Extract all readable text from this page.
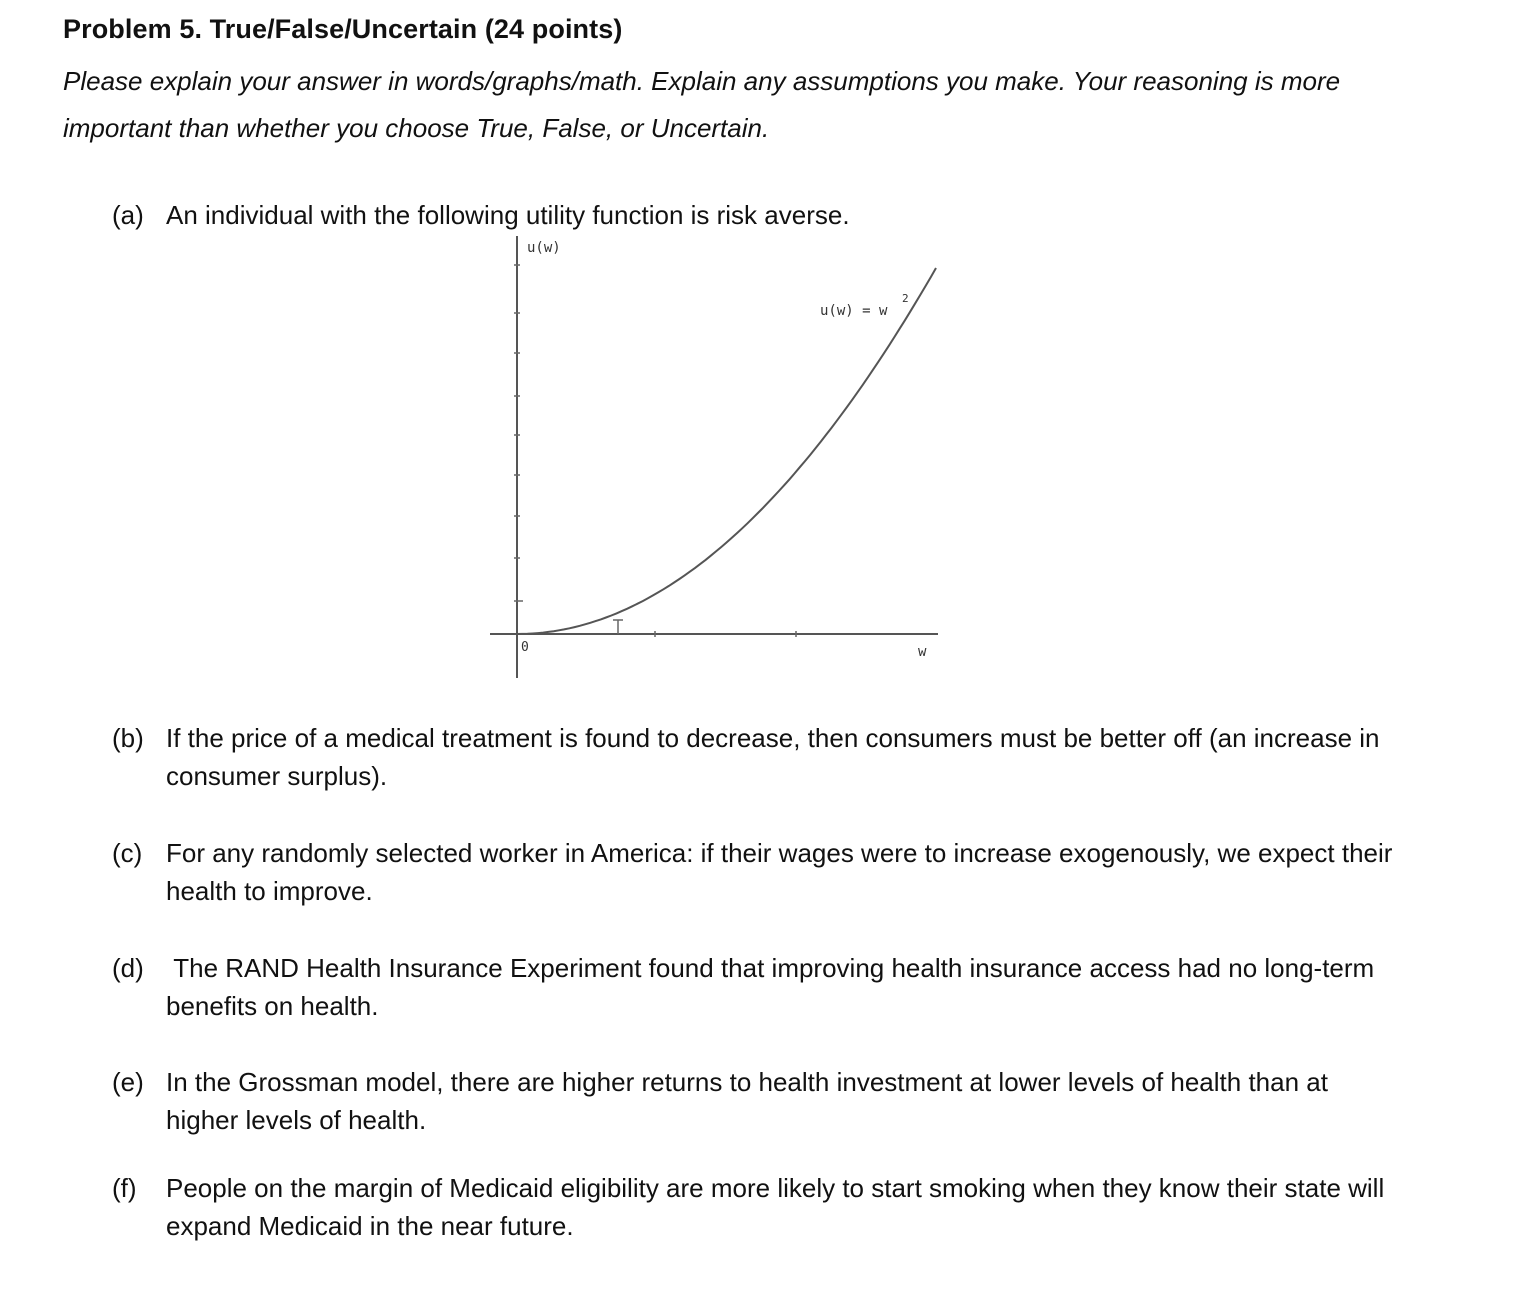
Problem 5. True/False/Uncertain (24 points)
Please explain your answer in words/graphs/math. Explain any assumptions you make. Your reasoning is more important than whether you choose True, False, or Uncertain.
(a) An individual with the following utility function is risk averse.
u(w)
w
u(w) = w
2
0
(b) If the price of a medical treatment is found to decrease, then consumers must be better off (an increase in consumer surplus).
(c) For any randomly selected worker in America: if their wages were to increase exogenously, we expect their health to improve.
(d) The RAND Health Insurance Experiment found that improving health insurance access had no long-term benefits on health.
(e) In the Grossman model, there are higher returns to health investment at lower levels of health than at higher levels of health.
(f)	People on the margin of Medicaid eligibility are more likely to start smoking when they know their state will expand Medicaid in the near future.
